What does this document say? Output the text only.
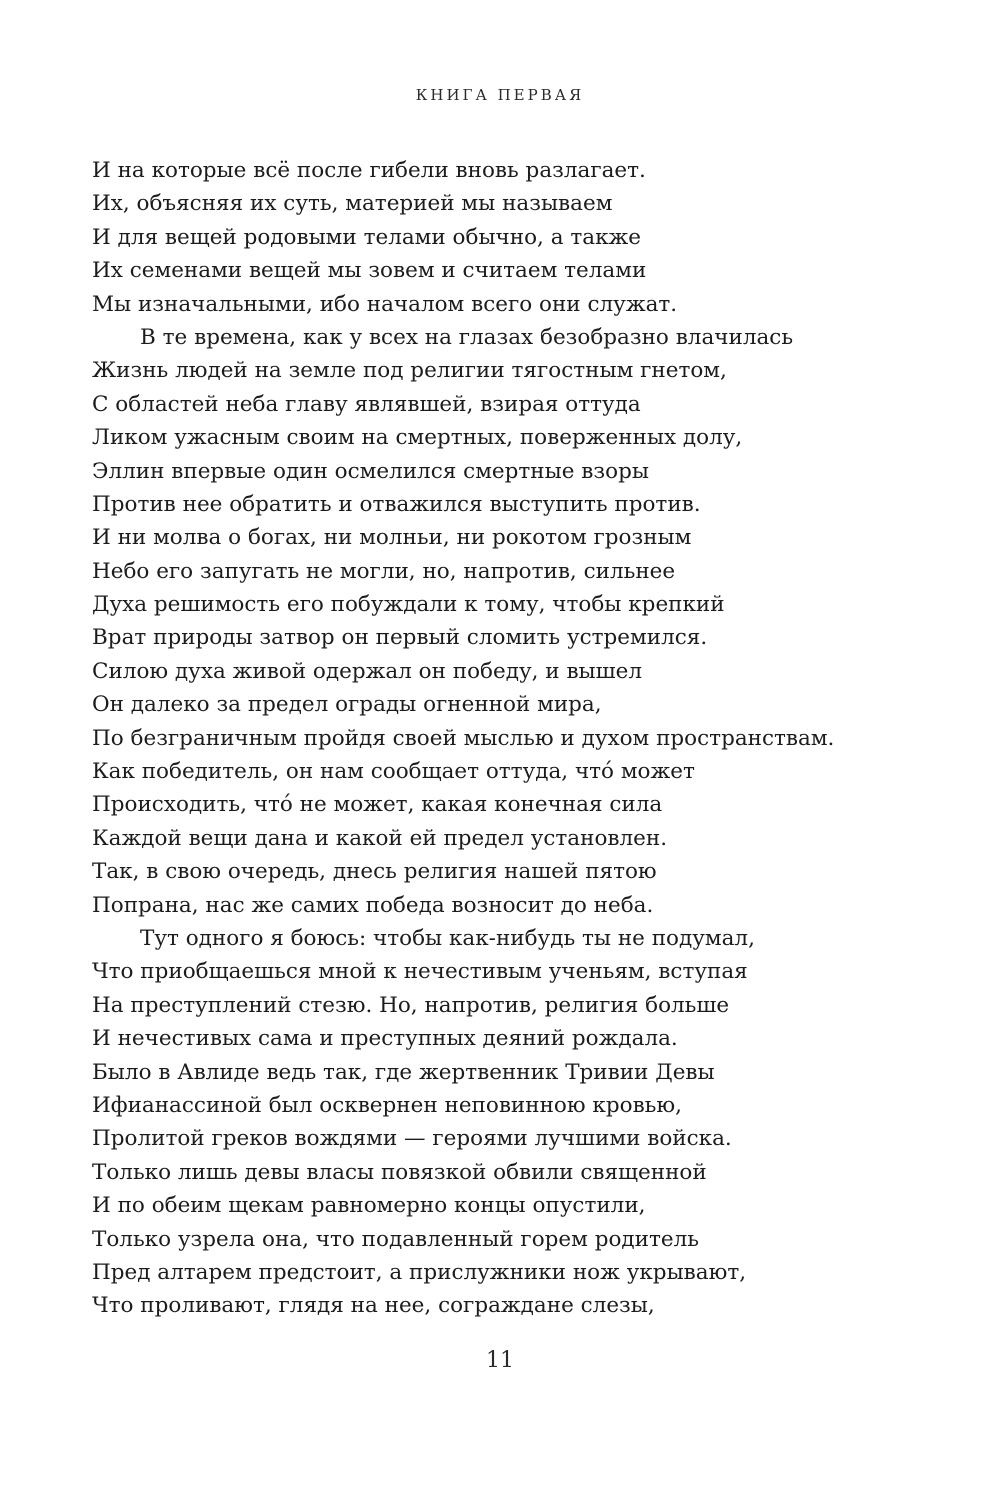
КНИГА ПЕРВАЯ
И на которые всё после гибели вновь разлагает.
Их, объясняя их суть, материей мы называем
И для вещей родовыми телами обычно, а также
Их семенами вещей мы зовем и считаем телами
Мы изначальными, ибо началом всего они служат.
В те времена, как у всех на глазах безобразно влачилась
Жизнь людей на земле под религии тягостным гнетом,
С областей неба главу являвшей, взирая оттуда
Ликом ужасным своим на смертных, поверженных долу,
Эллин впервые один осмелился смертные взоры
Против нее обратить и отважился выступить против.
И ни молва о богах, ни молньи, ни рокотом грозным
Небо его запугать не могли, но, напротив, сильнее
Духа решимость его побуждали к тому, чтобы крепкий
Врат природы затвор он первый сломить устремился.
Силою духа живой одержал он победу, и вышел
Он далеко за предел ограды огненной мира,
По безграничным пройдя своей мыслью и духом пространствам.
Как победитель, он нам сообщает оттуда, что́ может
Происходить, что́ не может, какая конечная сила
Каждой вещи дана и какой ей предел установлен.
Так, в свою очередь, днесь религия нашей пятою
Попрана, нас же самих победа возносит до неба.
Тут одного я боюсь: чтобы как-нибудь ты не подумал,
Что приобщаешься мной к нечестивым ученьям, вступая
На преступлений стезю. Но, напротив, религия больше
И нечестивых сама и преступных деяний рождала.
Было в Авлиде ведь так, где жертвенник Тривии Девы
Ифианассиной был осквернен неповинною кровью,
Пролитой греков вождями — героями лучшими войска.
Только лишь девы власы повязкой обвили священной
И по обеим щекам равномерно концы опустили,
Только узрела она, что подавленный горем родитель
Пред алтарем предстоит, а прислужники нож укрывают,
Что проливают, глядя на нее, сограждане слезы,
11
